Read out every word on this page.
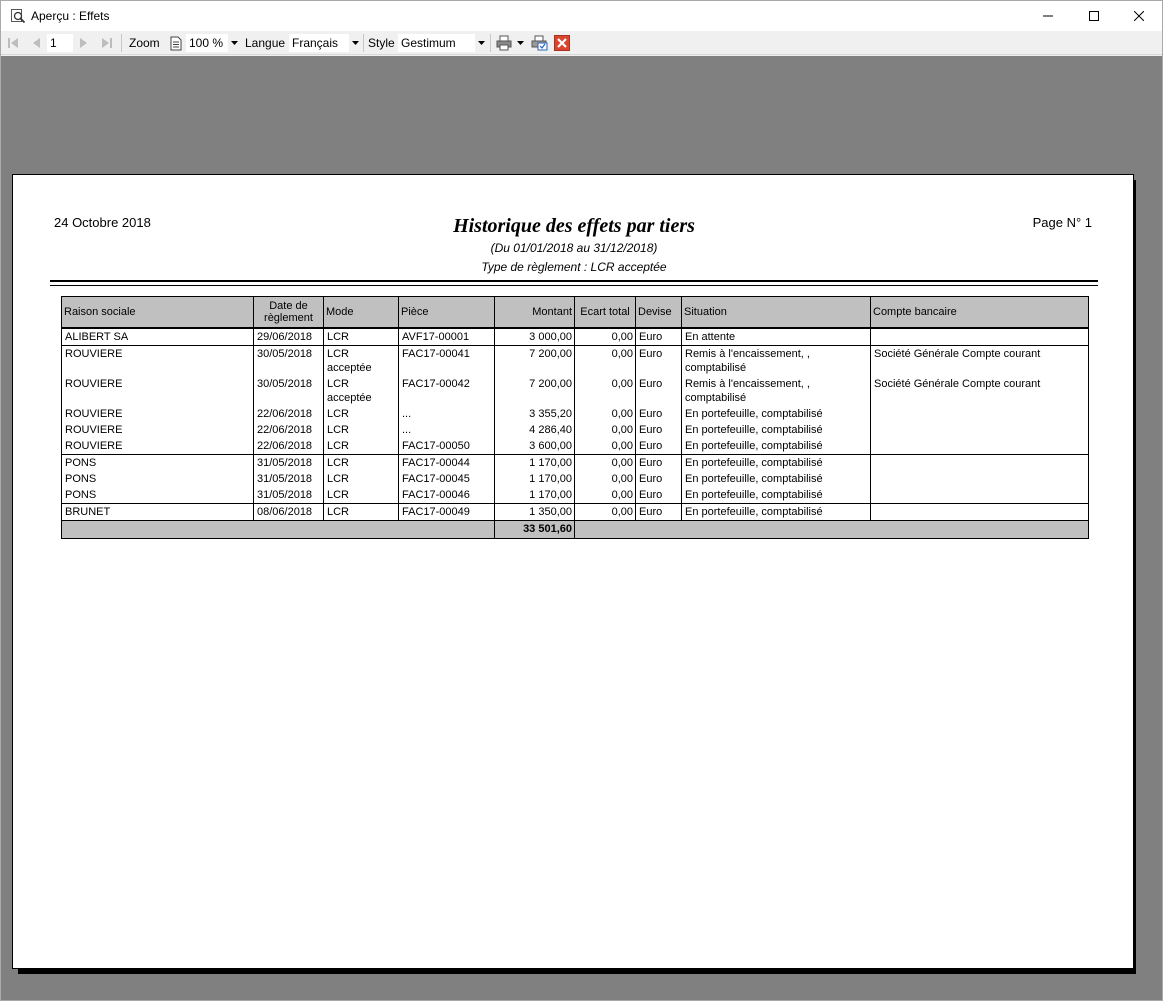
Aperçu : Effets
1	Zoom 100 %	Langue Français	Style Gestimum
24 Octobre 2018	Historique des effets par tiers	Page N° 1
(Du 01/01/2018 au 31/12/2018)
Type de règlement : LCR acceptée
Raison sociale	Date de règlement	Mode	Pièce	Montant	Ecart total	Devise	Situation	Compte bancaire
ALIBERT SA	29/06/2018	LCR	AVF17-00001	3 000,00	0,00	Euro	En attente	
ROUVIERE	30/05/2018	LCR acceptée	FAC17-00041	7 200,00	0,00	Euro	Remis à l'encaissement, , comptabilisé	Société Générale Compte courant
ROUVIERE	30/05/2018	LCR acceptée	FAC17-00042	7 200,00	0,00	Euro	Remis à l'encaissement, , comptabilisé	Société Générale Compte courant
ROUVIERE	22/06/2018	LCR	...	3 355,20	0,00	Euro	En portefeuille, comptabilisé	
ROUVIERE	22/06/2018	LCR	...	4 286,40	0,00	Euro	En portefeuille, comptabilisé	
ROUVIERE	22/06/2018	LCR	FAC17-00050	3 600,00	0,00	Euro	En portefeuille, comptabilisé	
PONS	31/05/2018	LCR	FAC17-00044	1 170,00	0,00	Euro	En portefeuille, comptabilisé	
PONS	31/05/2018	LCR	FAC17-00045	1 170,00	0,00	Euro	En portefeuille, comptabilisé	
PONS	31/05/2018	LCR	FAC17-00046	1 170,00	0,00	Euro	En portefeuille, comptabilisé	
BRUNET	08/06/2018	LCR	FAC17-00049	1 350,00	0,00	Euro	En portefeuille, comptabilisé	
				33 501,60				
